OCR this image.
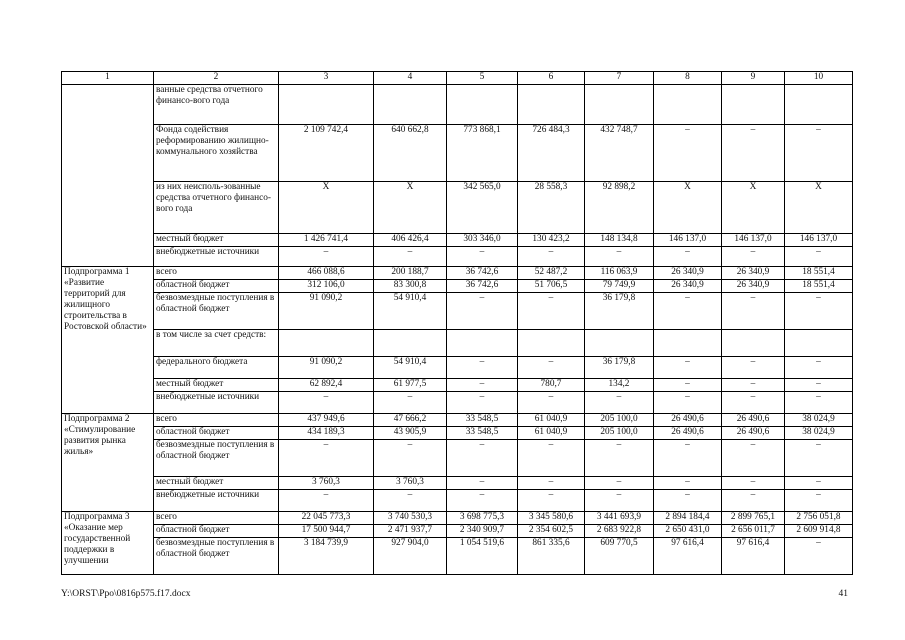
1	2	3	4	5	6	7	8	9	10
	ванные средства отчетного финансо-вого года								
	Фонда содействия реформированию жилищно-коммунального хозяйства	2 109 742,4	640 662,8	773 868,1	726 484,3	432 748,7	–	–	–
	из них неисполь-зованные средства отчетного финансо-вого года	Х	Х	342 565,0	28 558,3	92 898,2	Х	Х	Х
	местный бюджет	1 426 741,4	406 426,4	303 346,0	130 423,2	148 134,8	146 137,0	146 137,0	146 137,0
	внебюджетные источники	–	–	–	–	–	–	–	–
Подпрограмма 1 «Развитие территорий для жилищного строительства в Ростовской области»	всего	466 088,6	200 188,7	36 742,6	52 487,2	116 063,9	26 340,9	26 340,9	18 551,4
	областной бюджет	312 106,0	83 300,8	36 742,6	51 706,5	79 749,9	26 340,9	26 340,9	18 551,4
	безвозмездные поступления в областной бюджет	91 090,2	54 910,4	–	–	36 179,8	–	–	–
	в том числе за счет средств:								
	федерального бюджета	91 090,2	54 910,4	–	–	36 179,8	–	–	–
	местный бюджет	62 892,4	61 977,5	–	780,7	134,2	–	–	–
	внебюджетные источники	–	–	–	–	–	–	–	–
Подпрограмма 2 «Стимулирование развития рынка жилья»	всего	437 949,6	47 666,2	33 548,5	61 040,9	205 100,0	26 490,6	26 490,6	38 024,9
	областной бюджет	434 189,3	43 905,9	33 548,5	61 040,9	205 100,0	26 490,6	26 490,6	38 024,9
	безвозмездные поступления в областной бюджет	–	–	–	–	–	–	–	–
	местный бюджет	3 760,3	3 760,3	–	–	–	–	–	–
	внебюджетные источники	–	–	–	–	–	–	–	–
Подпрограмма 3 «Оказание мер государственной поддержки в улучшении	всего	22 045 773,3	3 740 530,3	3 698 775,3	3 345 580,6	3 441 693,9	2 894 184,4	2 899 765,1	2 756 051,8
	областной бюджет	17 500 944,7	2 471 937,7	2 340 909,7	2 354 602,5	2 683 922,8	2 650 431,0	2 656 011,7	2 609 914,8
	безвозмездные поступления в областной бюджет	3 184 739,9	927 904,0	1 054 519,6	861 335,6	609 770,5	97 616,4	97 616,4	–
Y:\ORST\Ppo\0816p575.f17.docx	41
